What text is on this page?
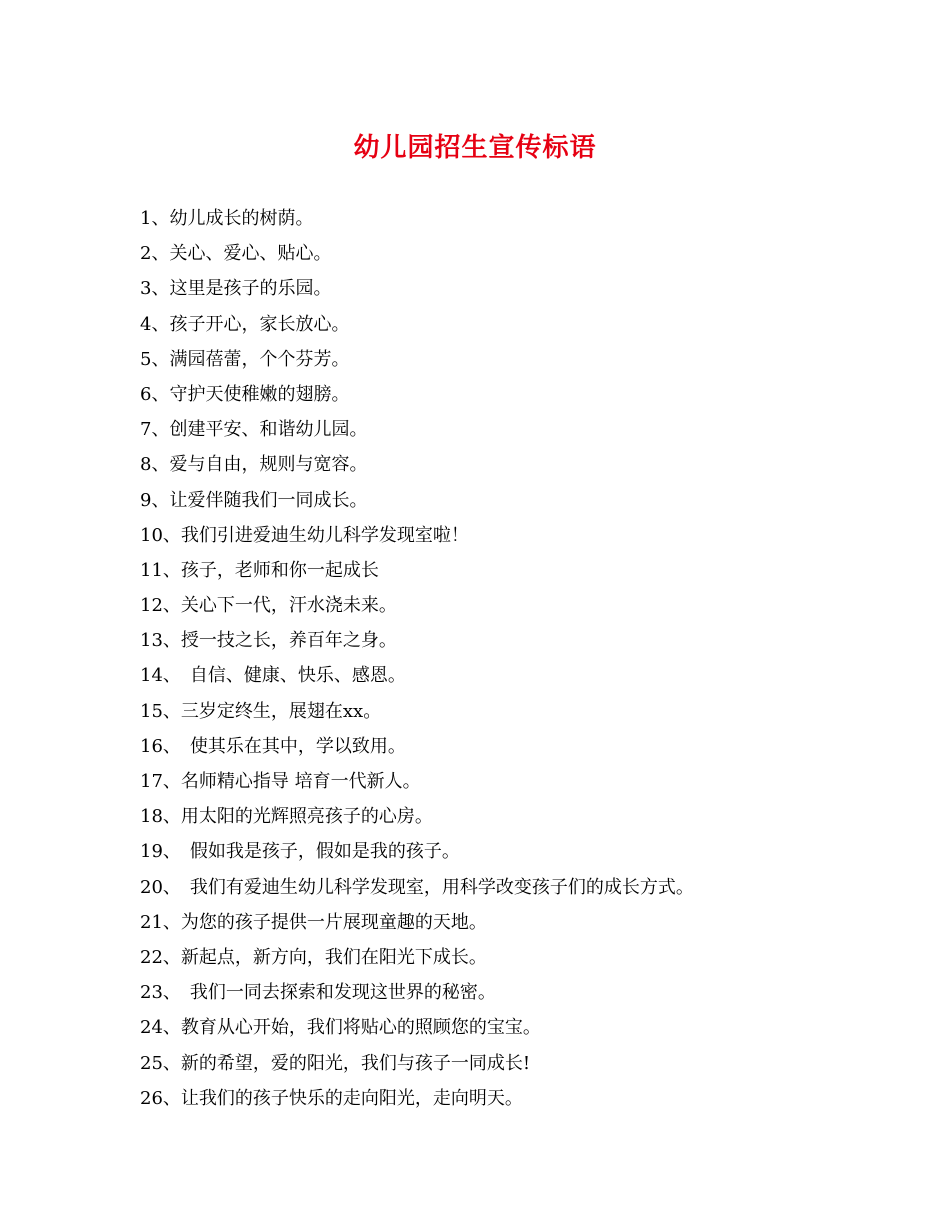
幼儿园招生宣传标语
1、幼儿成长的树荫。
2、关心、爱心、贴心。
3、这里是孩子的乐园。
4、孩子开心，家长放心。
5、满园蓓蕾，个个芬芳。
6、守护天使稚嫩的翅膀。
7、创建平安、和谐幼儿园。
8、爱与自由，规则与宽容。
9、让爱伴随我们一同成长。
10、我们引进爱迪生幼儿科学发现室啦！
11、孩子，老师和你一起成长
12、关心下一代，汗水浇未来。
13、授一技之长，养百年之身。
14、　自信、健康、快乐、感恩。
15、三岁定终生，展翅在xx。
16、　使其乐在其中，学以致用。
17、名师精心指导 培育一代新人。
18、用太阳的光辉照亮孩子的心房。
19、　假如我是孩子，假如是我的孩子。
20、　我们有爱迪生幼儿科学发现室，用科学改变孩子们的成长方式。
21、为您的孩子提供一片展现童趣的天地。
22、新起点，新方向，我们在阳光下成长。
23、　我们一同去探索和发现这世界的秘密。
24、教育从心开始，我们将贴心的照顾您的宝宝。
25、新的希望，爱的阳光，我们与孩子一同成长!
26、让我们的孩子快乐的走向阳光，走向明天。
